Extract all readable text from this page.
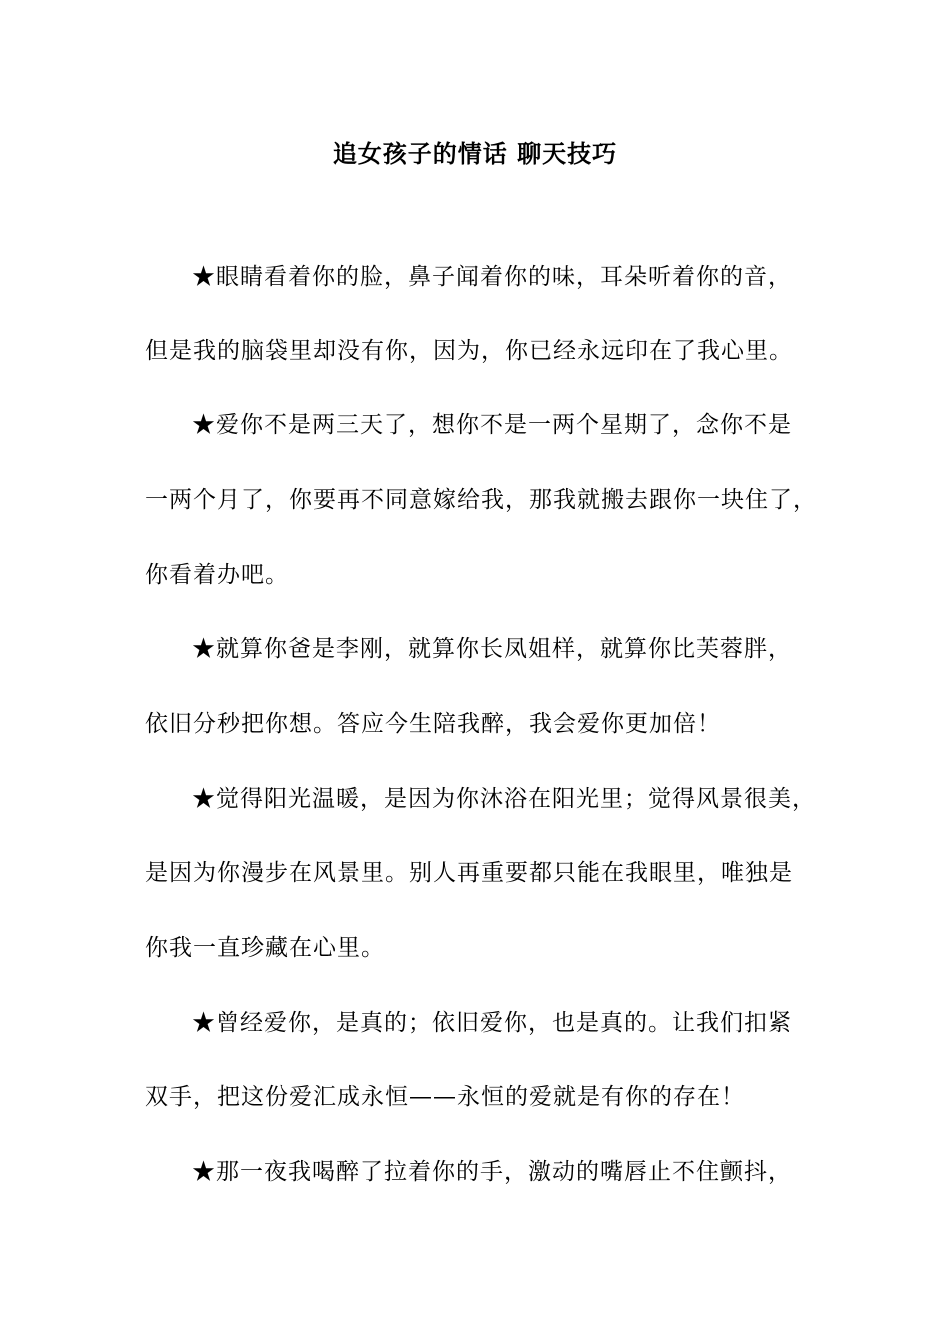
追女孩子的情话 聊天技巧
★眼睛看着你的脸，鼻子闻着你的味，耳朵听着你的音，
但是我的脑袋里却没有你，因为，你已经永远印在了我心里。
★爱你不是两三天了，想你不是一两个星期了，念你不是
一两个月了，你要再不同意嫁给我，那我就搬去跟你一块住了，
你看着办吧。
★就算你爸是李刚，就算你长凤姐样，就算你比芙蓉胖，
依旧分秒把你想。答应今生陪我醉，我会爱你更加倍！
★觉得阳光温暖，是因为你沐浴在阳光里；觉得风景很美，
是因为你漫步在风景里。别人再重要都只能在我眼里，唯独是
你我一直珍藏在心里。
★曾经爱你，是真的；依旧爱你，也是真的。让我们扣紧
双手，把这份爱汇成永恒——永恒的爱就是有你的存在！
★那一夜我喝醉了拉着你的手，激动的嘴唇止不住颤抖，
